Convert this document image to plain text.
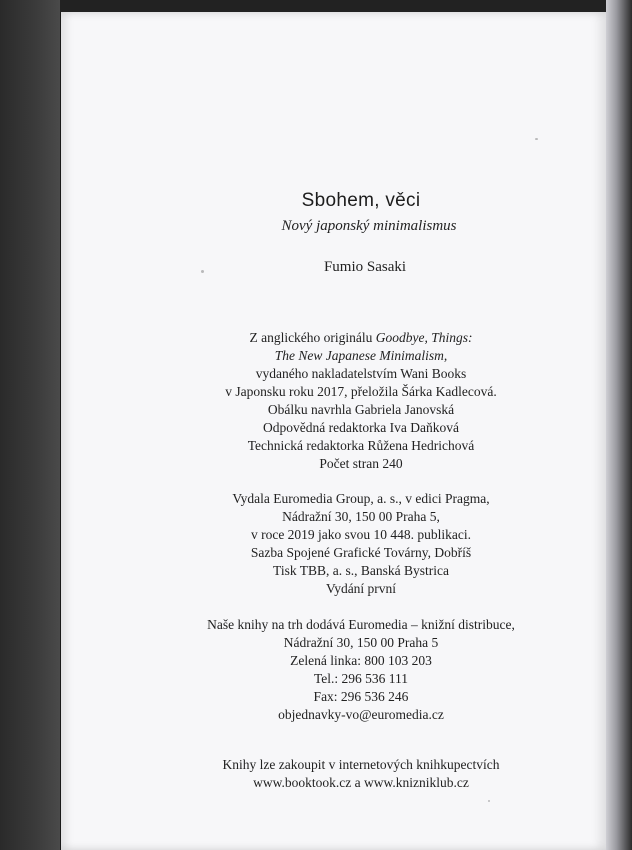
Sbohem, věci
Nový japonský minimalismus
Fumio Sasaki
Z anglického originálu Goodbye, Things:
The New Japanese Minimalism,
vydaného nakladatelstvím Wani Books
v Japonsku roku 2017, přeložila Šárka Kadlecová.
Obálku navrhla Gabriela Janovská
Odpovědná redaktorka Iva Daňková
Technická redaktorka Růžena Hedrichová
Počet stran 240
Vydala Euromedia Group, a. s., v edici Pragma,
Nádražní 30, 150 00 Praha 5,
v roce 2019 jako svou 10 448. publikaci.
Sazba Spojené Grafické Továrny, Dobříš
Tisk TBB, a. s., Banská Bystrica
Vydání první
Naše knihy na trh dodává Euromedia – knižní distribuce,
Nádražní 30, 150 00 Praha 5
Zelená linka: 800 103 203
Tel.: 296 536 111
Fax: 296 536 246
objednavky-vo@euromedia.cz
Knihy lze zakoupit v internetových knihkupectvích
www.booktook.cz a www.knizniklub.cz
